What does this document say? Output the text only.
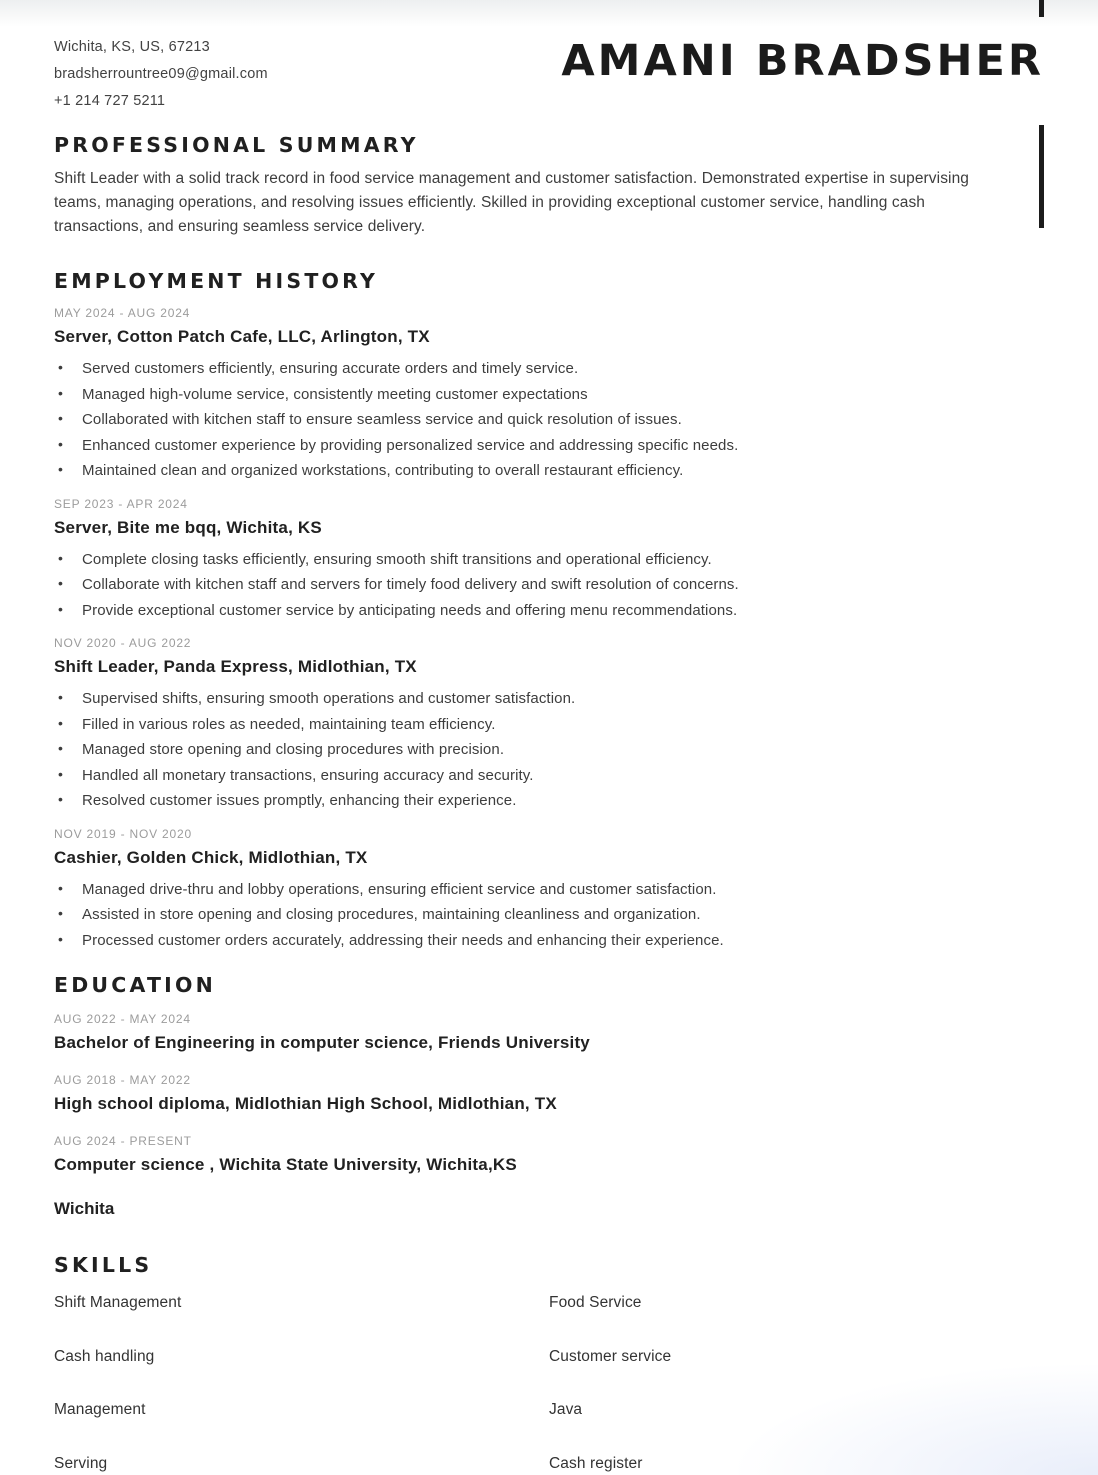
Wichita, KS, US, 67213
bradsherrountree09@gmail.com
+1 214 727 5211
AMANI BRADSHER
PROFESSIONAL SUMMARY
Shift Leader with a solid track record in food service management and customer satisfaction. Demonstrated expertise in supervising teams, managing operations, and resolving issues efficiently. Skilled in providing exceptional customer service, handling cash transactions, and ensuring seamless service delivery.
EMPLOYMENT HISTORY
MAY 2024 - AUG 2024
Server, Cotton Patch Cafe, LLC, Arlington, TX
• Served customers efficiently, ensuring accurate orders and timely service.
• Managed high-volume service, consistently meeting customer expectations
• Collaborated with kitchen staff to ensure seamless service and quick resolution of issues.
• Enhanced customer experience by providing personalized service and addressing specific needs.
• Maintained clean and organized workstations, contributing to overall restaurant efficiency.
SEP 2023 - APR 2024
Server, Bite me bqq, Wichita, KS
• Complete closing tasks efficiently, ensuring smooth shift transitions and operational efficiency.
• Collaborate with kitchen staff and servers for timely food delivery and swift resolution of concerns.
• Provide exceptional customer service by anticipating needs and offering menu recommendations.
NOV 2020 - AUG 2022
Shift Leader, Panda Express, Midlothian, TX
• Supervised shifts, ensuring smooth operations and customer satisfaction.
• Filled in various roles as needed, maintaining team efficiency.
• Managed store opening and closing procedures with precision.
• Handled all monetary transactions, ensuring accuracy and security.
• Resolved customer issues promptly, enhancing their experience.
NOV 2019 - NOV 2020
Cashier, Golden Chick, Midlothian, TX
• Managed drive-thru and lobby operations, ensuring efficient service and customer satisfaction.
• Assisted in store opening and closing procedures, maintaining cleanliness and organization.
• Processed customer orders accurately, addressing their needs and enhancing their experience.
EDUCATION
AUG 2022 - MAY 2024
Bachelor of Engineering in computer science, Friends University
AUG 2018 - MAY 2022
High school diploma, Midlothian High School, Midlothian, TX
AUG 2024 - PRESENT
Computer science , Wichita State University, Wichita,KS
Wichita
SKILLS
Shift Management	Food Service
Cash handling	Customer service
Management	Java
Serving	Cash register
